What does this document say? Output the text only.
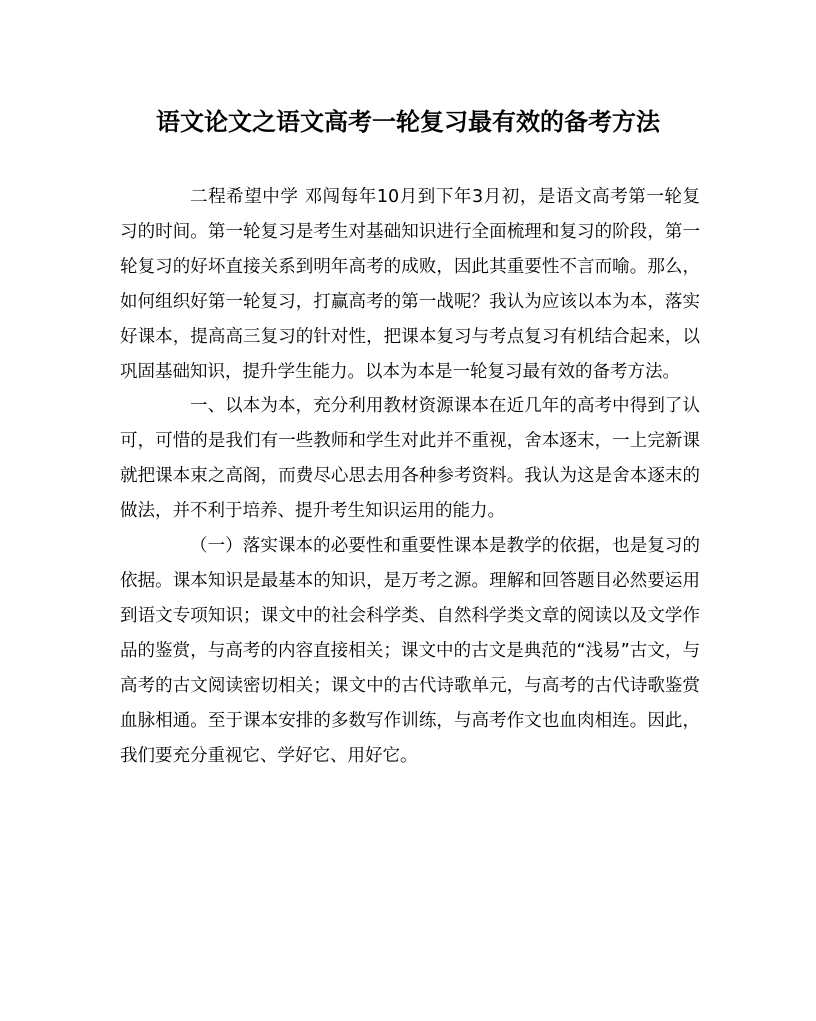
语文论文之语文高考一轮复习最有效的备考方法

二程希望中学 邓闯每年10月到下年3月初，是语文高考第一轮复习的时间。第一轮复习是考生对基础知识进行全面梳理和复习的阶段，第一轮复习的好坏直接关系到明年高考的成败，因此其重要性不言而喻。那么，如何组织好第一轮复习，打赢高考的第一战呢？我认为应该以本为本，落实好课本，提高高三复习的针对性，把课本复习与考点复习有机结合起来，以巩固基础知识，提升学生能力。以本为本是一轮复习最有效的备考方法。

一、以本为本，充分利用教材资源课本在近几年的高考中得到了认可，可惜的是我们有一些教师和学生对此并不重视，舍本逐末，一上完新课就把课本束之高阁，而费尽心思去用各种参考资料。我认为这是舍本逐末的做法，并不利于培养、提升考生知识运用的能力。

（一）落实课本的必要性和重要性课本是教学的依据，也是复习的依据。课本知识是最基本的知识，是万考之源。理解和回答题目必然要运用到语文专项知识；课文中的社会科学类、自然科学类文章的阅读以及文学作品的鉴赏，与高考的内容直接相关；课文中的古文是典范的“浅易”古文，与高考的古文阅读密切相关；课文中的古代诗歌单元，与高考的古代诗歌鉴赏血脉相通。至于课本安排的多数写作训练，与高考作文也血肉相连。因此，我们要充分重视它、学好它、用好它。
